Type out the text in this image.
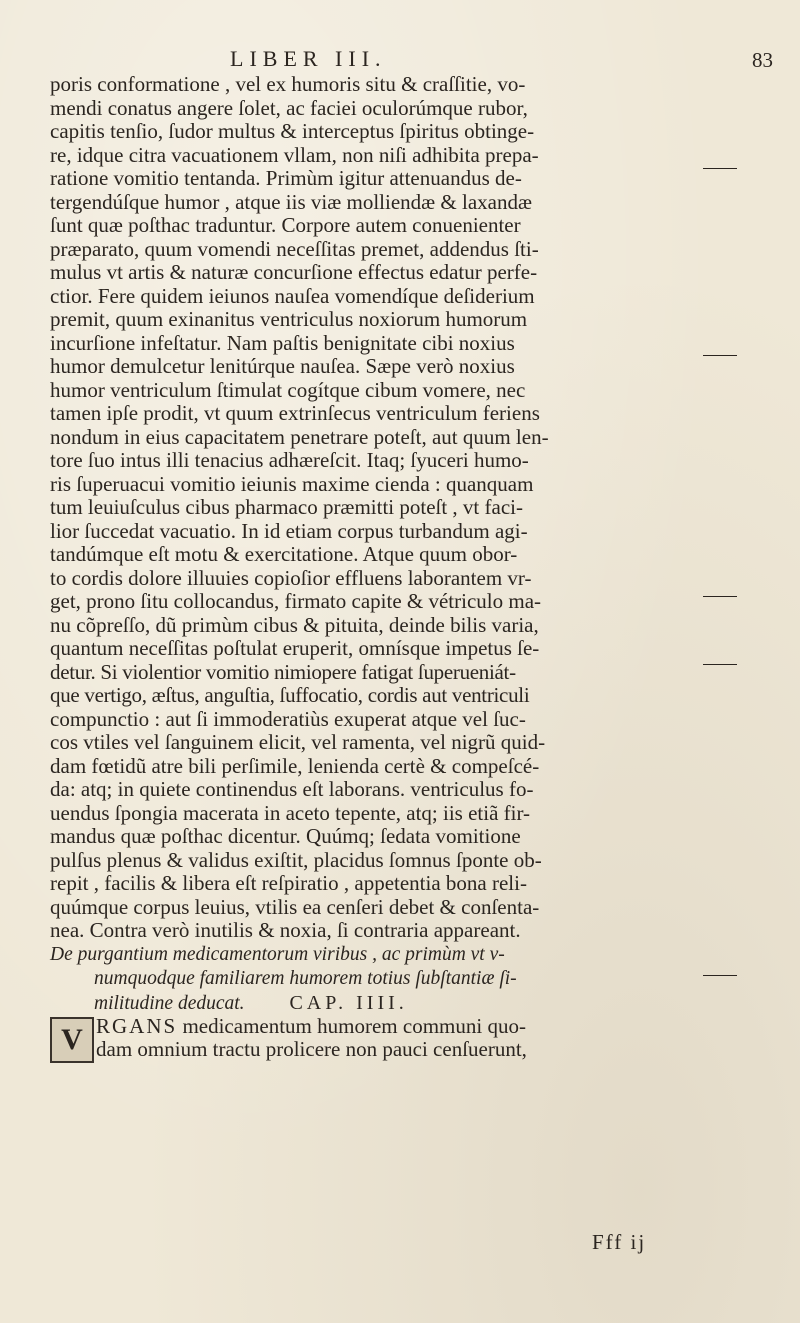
LIBER III.	83
poris conformatione , vel ex humoris situ & craſſitie, vo-
mendi conatus angere ſolet, ac faciei oculorúmque rubor,
capitis tenſio, ſudor multus & interceptus ſpiritus obtinge-
re, idque citra vacuationem vllam, non niſi adhibita prepa-
ratione vomitio tentanda. Primùm igitur attenuandus de-
tergendúſque humor , atque iis viæ molliendæ & laxandæ
ſunt quæ poſthac traduntur. Corpore autem conuenienter
præparato, quum vomendi neceſſitas premet, addendus ſti-
mulus vt artis & naturæ concurſione effectus edatur perfe-
ctior. Fere quidem ieiunos nauſea vomendíque deſiderium
premit, quum exinanitus ventriculus noxiorum humorum
incurſione infeſtatur. Nam paſtis benignitate cibi noxius
humor demulcetur lenitúrque nauſea. Sæpe verò noxius
humor ventriculum ſtimulat cogítque cibum vomere, nec
tamen ipſe prodit, vt quum extrinſecus ventriculum feriens
nondum in eius capacitatem penetrare poteſt, aut quum len-
tore ſuo intus illi tenacius adhæreſcit. Itaq; ſyuceri humo-
ris ſuperuacui vomitio ieiunis maxime cienda : quanquam
tum leuiuſculus cibus pharmaco præmitti poteſt , vt faci-
lior ſuccedat vacuatio. In id etiam corpus turbandum agi-
tandúmque eſt motu & exercitatione. Atque quum obor-
to cordis dolore illuuies copioſior effluens laborantem vr-
get, prono ſitu collocandus, firmato capite & vétriculo ma-
nu cõpreſſo, dũ primùm cibus & pituita, deinde bilis varia,
quantum neceſſitas poſtulat eruperit, omnísque impetus ſe-
detur. Si violentior vomitio nimiopere fatigat ſuperueniát-
que vertigo, æſtus, anguſtia, ſuffocatio, cordis aut ventriculi
compunctio : aut ſi immoderatiùs exuperat atque vel ſuc-
cos vtiles vel ſanguinem elicit, vel ramenta, vel nigrũ quid-
dam fœtidũ atre bili perſimile, lenienda certè & compeſcé-
da: atq; in quiete continendus eſt laborans. ventriculus fo-
uendus ſpongia macerata in aceto tepente, atq; iis etiã fir-
mandus quæ poſthac dicentur. Quúmq; ſedata vomitione
pulſus plenus & validus exiſtit, placidus ſomnus ſponte ob-
repit , facilis & libera eſt reſpiratio , appetentia bona reli-
quúmque corpus leuius, vtilis ea cenſeri debet & conſenta-
nea. Contra verò inutilis & noxia, ſi contraria appareant.
De purgantium medicamentorum viribus , ac primùm vt v-
numquodque familiarem humorem totius ſubſtantiæ ſi-
militudine deducat. CAP. IIII.
V RGANS medicamentum humorem communi quo-
dam omnium tractu prolicere non pauci cenſuerunt,
Fff ij
